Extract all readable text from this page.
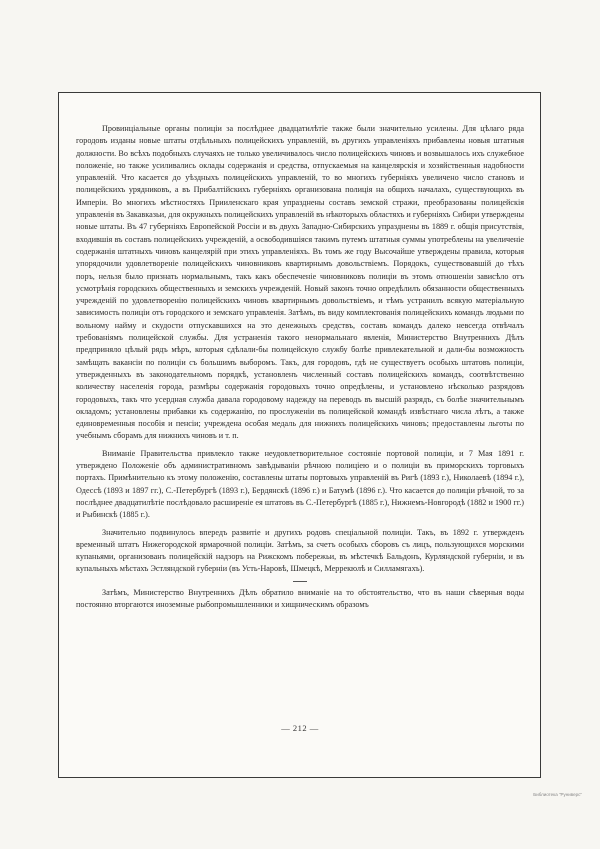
Провинціальные органы полиціи за послѣднее двадцатилѣтіе также были значительно усилены. Для цѣлаго ряда городовъ изданы новые штаты отдѣльныхъ полицейскихъ управленій, въ другихъ управленіяхъ прибавлены новыя штатныя должности. Во всѣхъ подобныхъ случаяхъ не только увеличивалось число полицейскихъ чиновъ и возвышалось ихъ служебное положеніе, но также усиливались оклады содержанія и средства, отпускаемыя на канцелярскія и хозяйственныя надобности управленій. Что касается до уѣздныхъ полицейскихъ управленій, то во многихъ губерніяхъ увеличено число становъ и полицейскихъ урядниковъ, а въ Прибалтійскихъ губерніяхъ организована полиція на общихъ началахъ, существующихъ въ Имперіи. Во многихъ мѣстностяхъ Прииленскаго края упразднены составъ земской стражи, преобразованы полицейскія управленія въ Закавказьи, для окружныхъ полицейскихъ управленій въ нѣкоторыхъ областяхъ и губерніяхъ Сибири утверждены новые штаты. Въ 47 губерніяхъ Европейской Россіи и въ двухъ Западно-Сибирскихъ упразднены въ 1889 г. общія присутствія, входившія въ составъ полицейскихъ учрежденій, а освободившіяся такимъ путемъ штатныя суммы употреблены на увеличеніе содержанія штатныхъ чиновъ канцелярій при этихъ управленіяхъ. Въ томъ же году Высочайше утверждены правила, которыя упорядочили удовлетвореніе полицейскихъ чиновниковъ квартирнымъ довольствіемъ. Порядокъ, существовавшій до тѣхъ поръ, нельзя было признать нормальнымъ, такъ какъ обеспеченіе чиновниковъ полиціи въ этомъ отношеніи зависѣло отъ усмотрѣнія городскихъ общественныхъ и земскихъ учрежденій. Новый законъ точно опредѣлилъ обязанности общественныхъ учрежденій по удовлетворенію полицейскихъ чиновъ квартирнымъ довольствіемъ, и тѣмъ устранилъ всякую матеріальную зависимость полиціи отъ городского и земскаго управленія. Затѣмъ, въ виду комплектованія полицейскихъ командъ людьми по вольному найму и скудости отпускавшихся на это денежныхъ средствъ, составъ командъ далеко невсегда отвѣчалъ требованіямъ полицейской службы. Для устраненія такого ненормальнаго явленія, Министерство Внутреннихъ Дѣлъ предприняло цѣлый рядъ мѣръ, которыя сдѣлали-бы полицейскую службу болѣе привлекательной и дали-бы возможность замѣщать вакансіи по полиціи съ большимъ выборомъ. Такъ, для городовъ, гдѣ не существуетъ особыхъ штатовъ полиціи, утвержденныхъ въ законодательномъ порядкѣ, установленъ численный составъ полицейскихъ командъ, соотвѣтственно количеству населенія города, размѣры содержанія городовыхъ точно опредѣлены, и установлено нѣсколько разрядовъ городовыхъ, такъ что усердная служба давала городовому надежду на переводъ въ высшій разрядъ, съ болѣе значительнымъ окладомъ; установлены прибавки къ содержанію, по прослуженіи въ полицейской командѣ извѣстнаго числа лѣтъ, а также единовременныя пособія и пенсіи; учреждена особая медаль для нижнихъ полицейскихъ чиновъ; предоставлены льготы по учебнымъ сборамъ для нижнихъ чиновъ и т. п.

Вниманіе Правительства привлекло также неудовлетворительное состояніе портовой полиціи, и 7 Мая 1891 г. утверждено Положеніе объ административномъ завѣдываніи рѣчною полиціею и о полиціи въ приморскихъ торговыхъ портахъ. Примѣнительно къ этому положенію, составлены штаты портовыхъ управленій въ Ригѣ (1893 г.), Николаевѣ (1894 г.), Одессѣ (1893 и 1897 гг.), С.-Петербургѣ (1893 г.), Бердянскѣ (1896 г.) и Батумѣ (1896 г.). Что касается до полиціи рѣчной, то за послѣднее двадцатилѣтіе послѣдовало расширеніе ея штатовъ въ С.-Петербургѣ (1885 г.), Нижнемъ-Новгородѣ (1882 и 1900 гг.) и Рыбинскѣ (1885 г.).

Значительно подвинулось впередъ развитіе и другихъ родовъ спеціальной полиціи. Такъ, въ 1892 г. утвержденъ временный штатъ Нижегородской ярмарочной полиціи. Затѣмъ, за счетъ особыхъ сборовъ съ лицъ, пользующихся морскими купаньями, организованъ полицейскій надзоръ на Рижскомъ побережьи, въ мѣстечкѣ Бальдонъ, Курляндской губерніи, и въ купальныхъ мѣстахъ Эстляндской губерніи (въ Усть-Наровѣ, Шмецкѣ, Меррекюлѣ и Силламягахъ).

Затѣмъ, Министерство Внутреннихъ Дѣлъ обратило вниманіе на то обстоятельство, что въ наши сѣверныя воды постоянно вторгаются иноземные рыбопромышленники и хищническимъ образомъ

— 212 —
Библиотека "Руниверс"
